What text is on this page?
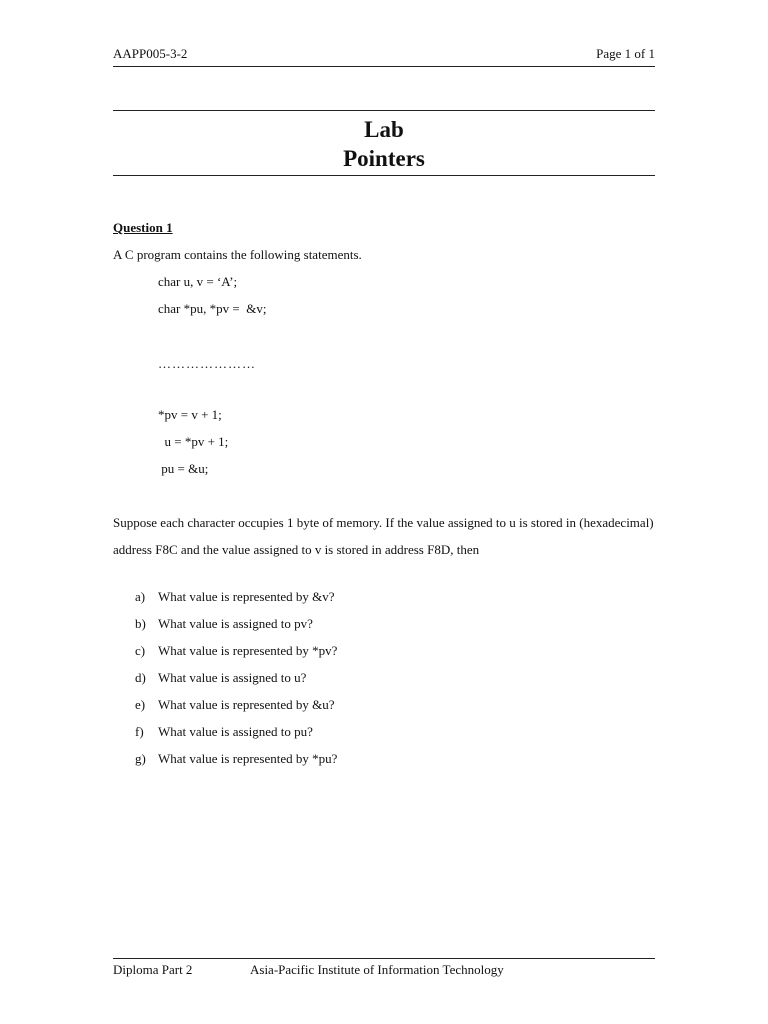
AAPP005-3-2	Page 1 of 1
Lab
Pointers
Question 1
A C program contains the following statements.
char u, v = ‘A’;
char *pu, *pv =  &v;
…………………
*pv = v + 1;
u = *pv + 1;
pu = &u;
Suppose each character occupies 1 byte of memory. If the value assigned to u is stored in (hexadecimal) address F8C and the value assigned to v is stored in address F8D, then
a) What value is represented by &v?
b) What value is assigned to pv?
c) What value is represented by *pv?
d) What value is assigned to u?
e) What value is represented by &u?
f) What value is assigned to pu?
g) What value is represented by *pu?
Diploma Part 2	Asia-Pacific Institute of Information Technology
